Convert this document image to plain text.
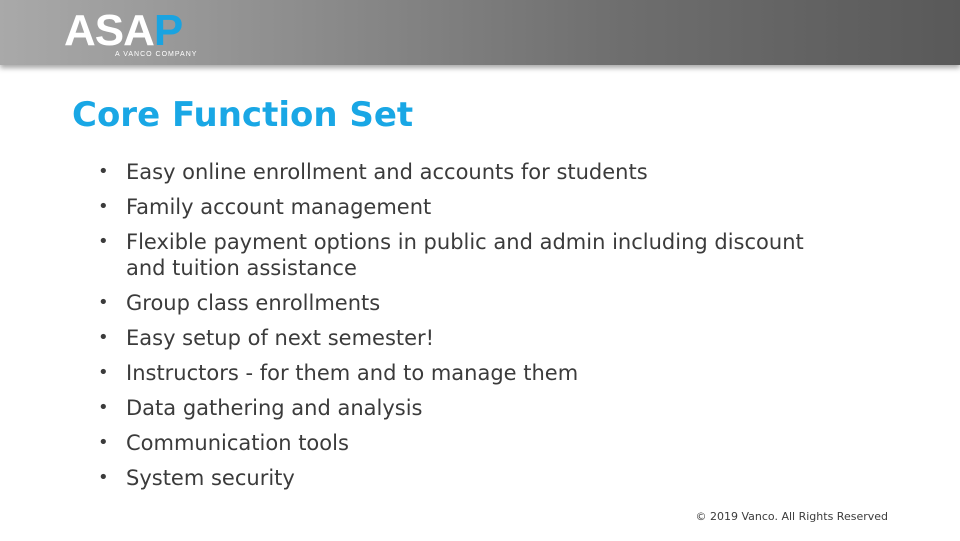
ASAP
A VANCO COMPANY
Core Function Set
• Easy online enrollment and accounts for students
• Family account management
• Flexible payment options in public and admin including discount and tuition assistance
• Group class enrollments
• Easy setup of next semester!
• Instructors - for them and to manage them
• Data gathering and analysis
• Communication tools
• System security
© 2019 Vanco. All Rights Reserved
